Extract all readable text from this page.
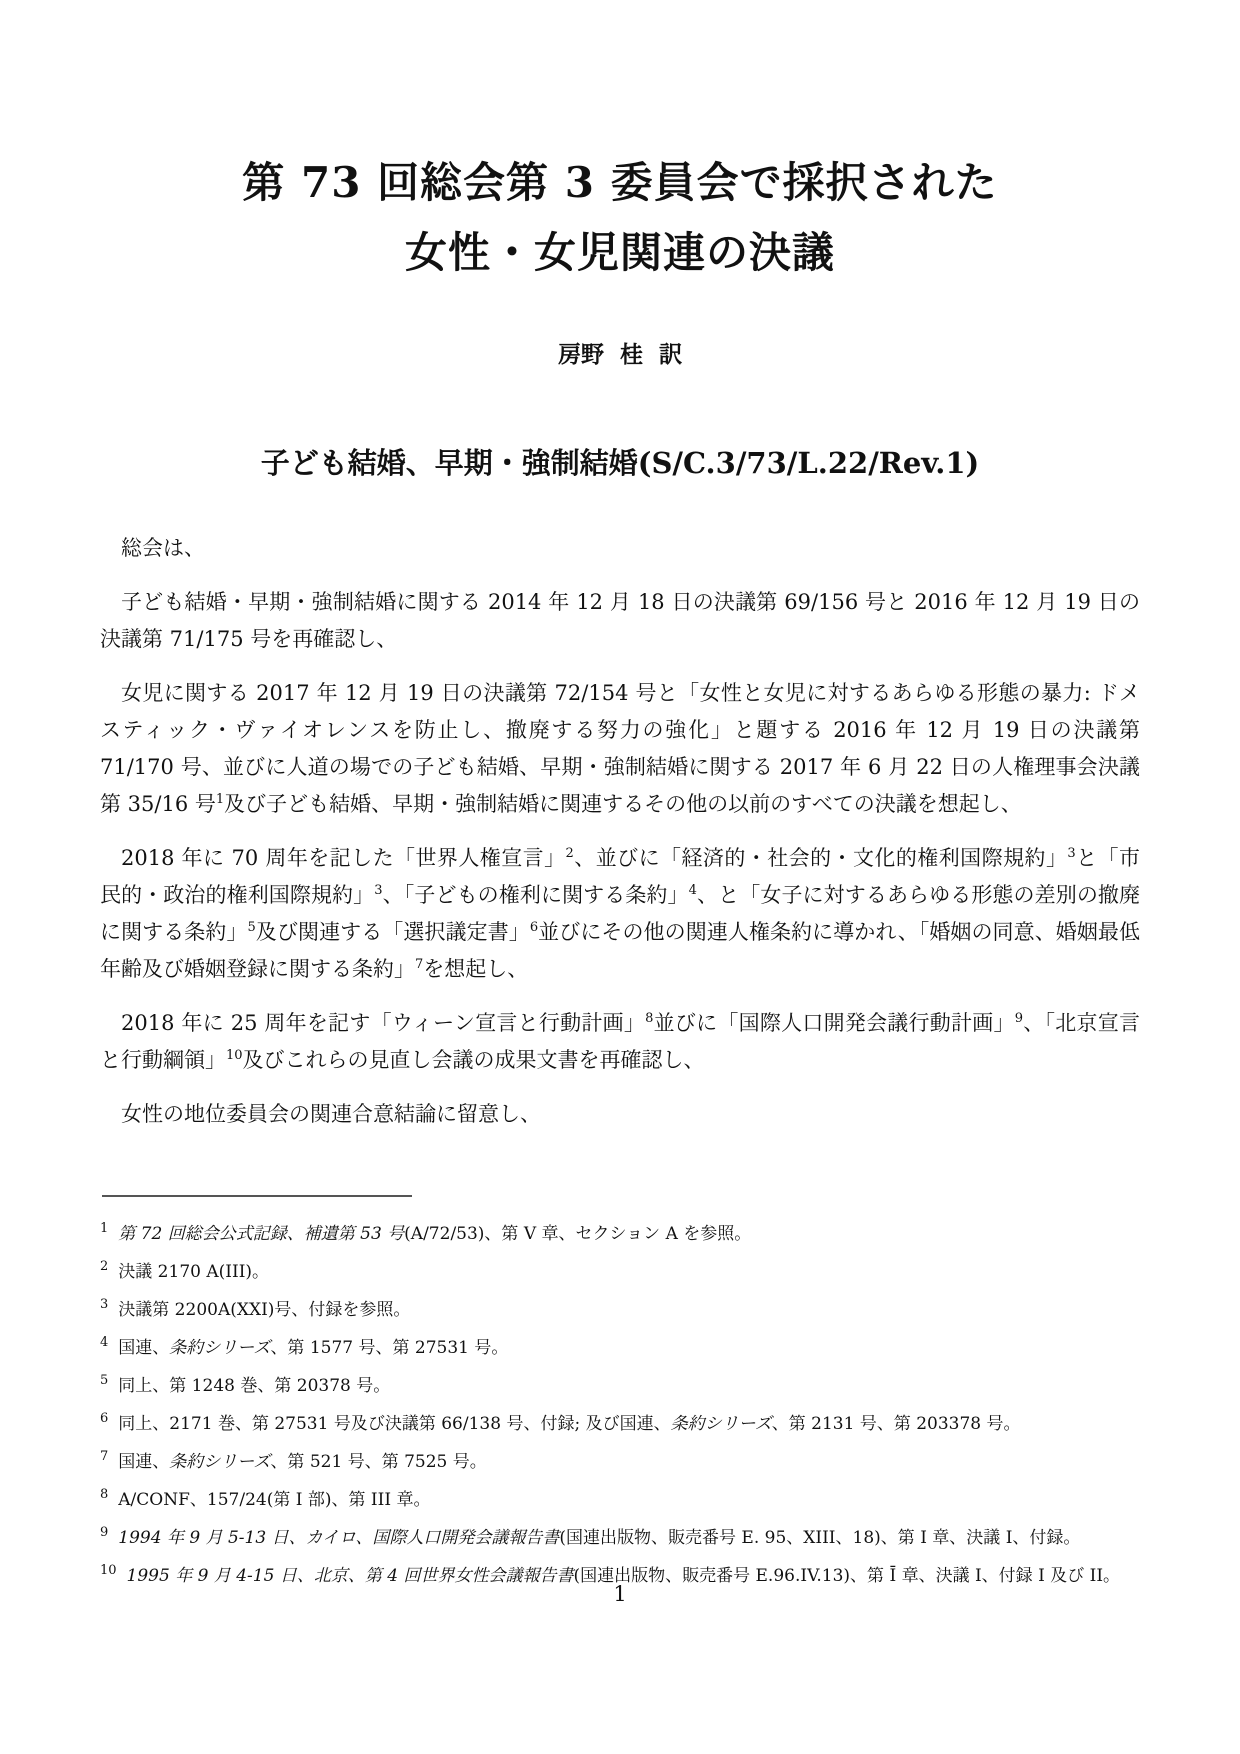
第 73 回総会第 3 委員会で採択された
女性・女児関連の決議
房野 桂 訳
子ども結婚、早期・強制結婚(S/C.3/73/L.22/Rev.1)

総会は、

子ども結婚・早期・強制結婚に関する 2014 年 12 月 18 日の決議第 69/156 号と 2016 年 12 月 19 日の決議第 71/175 号を再確認し、

女児に関する 2017 年 12 月 19 日の決議第 72/154 号と「女性と女児に対するあらゆる形態の暴力: ドメスティック・ヴァイオレンスを防止し、撤廃する努力の強化」と題する 2016 年 12 月 19 日の決議第 71/170 号、並びに人道の場での子ども結婚、早期・強制結婚に関する 2017 年 6 月 22 日の人権理事会決議第 35/16 号$^1$及び子ども結婚、早期・強制結婚に関連するその他の以前のすべての決議を想起し、

2018 年に 70 周年を記した「世界人権宣言」$^2$、並びに「経済的・社会的・文化的権利国際規約」$^3$と「市民的・政治的権利国際規約」$^3$、「子どもの権利に関する条約」$^4$、と「女子に対するあらゆる形態の差別の撤廃に関する条約」$^5$及び関連する「選択議定書」$^6$並びにその他の関連人権条約に導かれ、「婚姻の同意、婚姻最低年齢及び婚姻登録に関する条約」$^7$を想起し、

2018 年に 25 周年を記す「ウィーン宣言と行動計画」$^8$並びに「国際人口開発会議行動計画」$^9$、「北京宣言と行動綱領」$^{10}$及びこれらの見直し会議の成果文書を再確認し、

女性の地位委員会の関連合意結論に留意し、

$^1$ 第 72 回総会公式記録、補遺第 53 号(A/72/53)、第 V 章、セクション A を参照。
$^2$ 決議 2170 A(III)。
$^3$ 決議第 2200A(XXI)号、付録を参照。
$^4$ 国連、条約シリーズ、第 1577 号、第 27531 号。
$^5$ 同上、第 1248 巻、第 20378 号。
$^6$ 同上、2171 巻、第 27531 号及び決議第 66/138 号、付録; 及び国連、条約シリーズ、第 2131 号、第 203378 号。
$^7$ 国連、条約シリーズ、第 521 号、第 7525 号。
$^8$ A/CONF、157/24(第 I 部)、第 III 章。
$^9$ 1994 年 9 月 5-13 日、カイロ、国際人口開発会議報告書(国連出版物、販売番号 E. 95、XIII、18)、第 I 章、決議 I、付録。
$^{10}$ 1995 年 9 月 4-15 日、北京、第 4 回世界女性会議報告書(国連出版物、販売番号 E.96.IV.13)、第 Ī 章、決議 I、付録 I 及び II。
1
